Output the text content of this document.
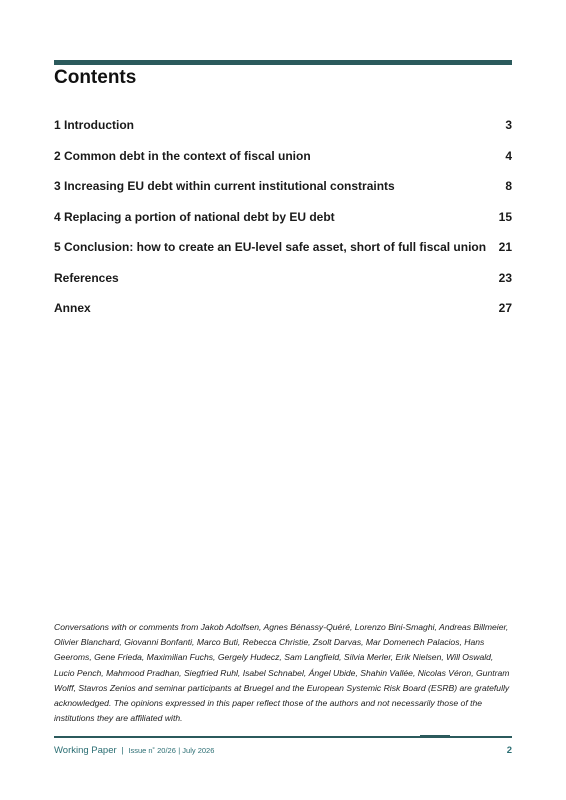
Contents
1 Introduction	3
2 Common debt in the context of fiscal union	4
3 Increasing EU debt within current institutional constraints	8
4 Replacing a portion of national debt by EU debt	15
5 Conclusion: how to create an EU-level safe asset, short of full fiscal union 21
References	23
Annex	27

Conversations with or comments from Jakob Adolfsen, Agnes Bénassy-Quéré, Lorenzo Bini-Smaghi, Andreas Billmeier, Olivier Blanchard, Giovanni Bonfanti, Marco Buti, Rebecca Christie, Zsolt Darvas, Mar Domenech Palacios, Hans Geeroms, Gene Frieda, Maximilian Fuchs, Gergely Hudecz, Sam Langfield, Silvia Merler, Erik Nielsen, Will Oswald, Lucio Pench, Mahmood Pradhan, Siegfried Ruhl, Isabel Schnabel, Ángel Ubide, Shahin Vallée, Nicolas Véron, Guntram Wolff, Stavros Zenios and seminar participants at Bruegel and the European Systemic Risk Board (ESRB) are gratefully acknowledged. The opinions expressed in this paper reflect those of the authors and not necessarily those of the institutions they are affiliated with.

Working Paper | Issue n˚ 20/26 | July 2026	2
